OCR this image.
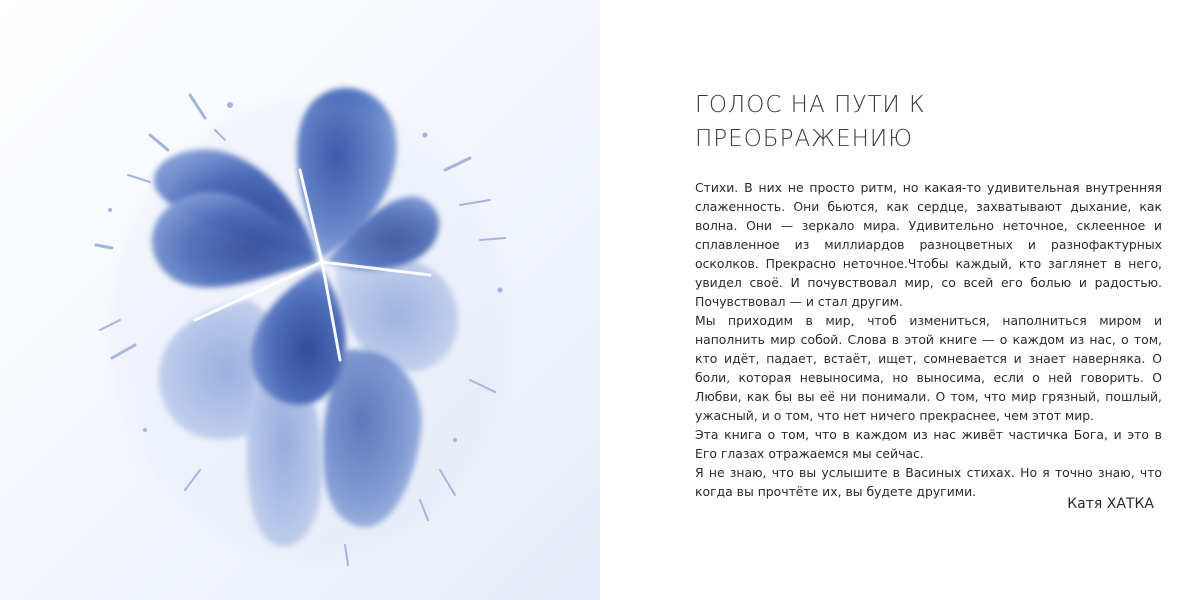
ГОЛОС НА ПУТИ К
ПРЕОБРАЖЕНИЮ

Стихи. В них не просто ритм, но какая-то удивительная внутренняя слаженность. Они бьются, как сердце, захватывают дыхание, как волна. Они — зеркало мира. Удивительно неточное, склеенное и сплавленное из миллиардов разноцветных и разнофактурных осколков. Прекрасно неточное.Чтобы каждый, кто заглянет в него, увидел своё. И почувствовал мир, со всей его болью и радостью. Почувствовал — и стал другим.

Мы приходим в мир, чтоб измениться, наполниться миром и наполнить мир собой. Слова в этой книге — о каждом из нас, о том, кто идёт, падает, встаёт, ищет, сомневается и знает наверняка. О боли, которая невыносима, но выносима, если о ней говорить. О Любви, как бы вы её ни понимали. О том, что мир грязный, пошлый, ужасный, и о том, что нет ничего прекраснее, чем этот мир.

Эта книга о том, что в каждом из нас живёт частичка Бога, и это в Его глазах отражаемся мы сейчас.

Я не знаю, что вы услышите в Васиных стихах. Но я точно знаю, что когда вы прочтёте их, вы будете другими.

Катя ХАТКА
